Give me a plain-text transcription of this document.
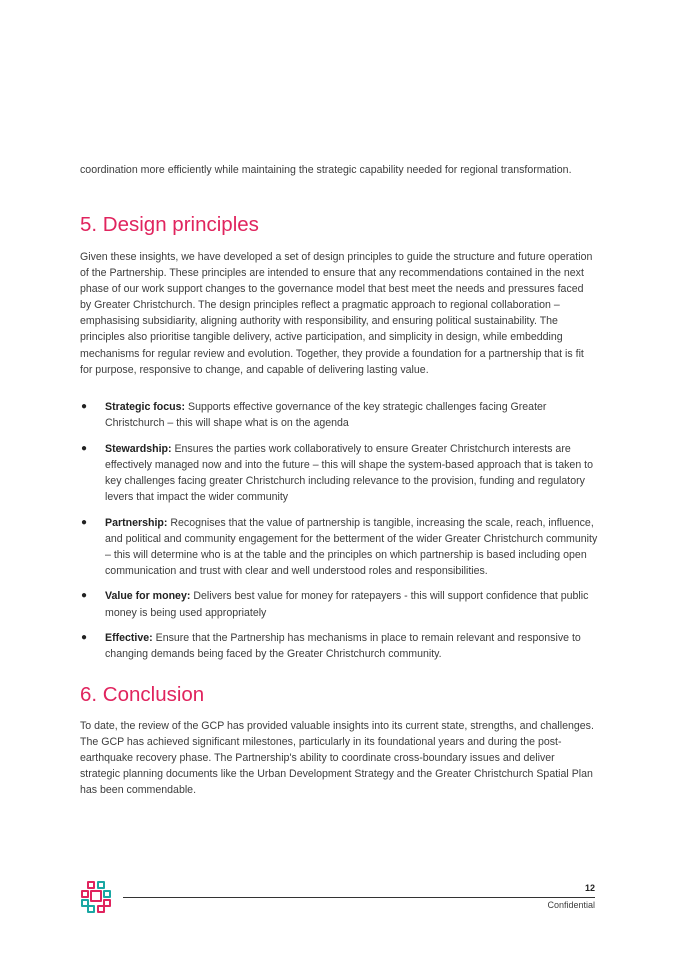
coordination more efficiently while maintaining the strategic capability needed for regional transformation.

5. Design principles

Given these insights, we have developed a set of design principles to guide the structure and future operation of the Partnership. These principles are intended to ensure that any recommendations contained in the next phase of our work support changes to the governance model that best meet the needs and pressures faced by Greater Christchurch. The design principles reflect a pragmatic approach to regional collaboration – emphasising subsidiarity, aligning authority with responsibility, and ensuring political sustainability. The principles also prioritise tangible delivery, active participation, and simplicity in design, while embedding mechanisms for regular review and evolution. Together, they provide a foundation for a partnership that is fit for purpose, responsive to change, and capable of delivering lasting value.

● Strategic focus: Supports effective governance of the key strategic challenges facing Greater Christchurch – this will shape what is on the agenda
● Stewardship: Ensures the parties work collaboratively to ensure Greater Christchurch interests are effectively managed now and into the future – this will shape the system-based approach that is taken to key challenges facing greater Christchurch including relevance to the provision, funding and regulatory levers that impact the wider community
● Partnership: Recognises that the value of partnership is tangible, increasing the scale, reach, influence, and political and community engagement for the betterment of the wider Greater Christchurch community – this will determine who is at the table and the principles on which partnership is based including open communication and trust with clear and well understood roles and responsibilities.
● Value for money: Delivers best value for money for ratepayers - this will support confidence that public money is being used appropriately
● Effective: Ensure that the Partnership has mechanisms in place to remain relevant and responsive to changing demands being faced by the Greater Christchurch community.
6. Conclusion

To date, the review of the GCP has provided valuable insights into its current state, strengths, and challenges. The GCP has achieved significant milestones, particularly in its foundational years and during the post-earthquake recovery phase. The Partnership's ability to coordinate cross-boundary issues and deliver strategic planning documents like the Urban Development Strategy and the Greater Christchurch Spatial Plan has been commendable.

12
Confidential
